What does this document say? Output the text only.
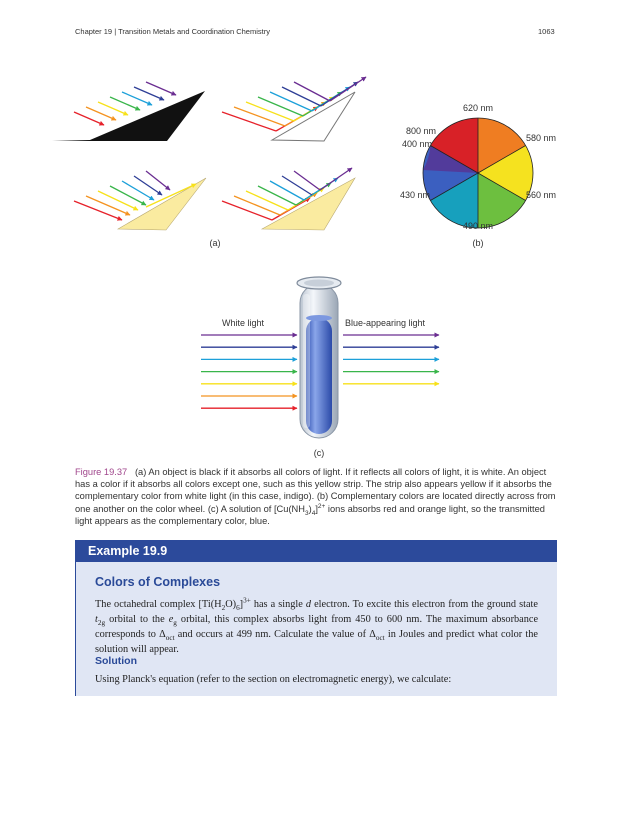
Chapter 19 | Transition Metals and Coordination Chemistry	1063
(a)
620 nm
580 nm
560 nm
490 nm
430 nm
400 nm
800 nm
(b)
White light	Blue-appearing light
(c)
Figure 19.37 (a) An object is black if it absorbs all colors of light. If it reflects all colors of light, it is white. An object has a color if it absorbs all colors except one, such as this yellow strip. The strip also appears yellow if it absorbs the complementary color from white light (in this case, indigo). (b) Complementary colors are located directly across from one another on the color wheel. (c) A solution of $[Cu(NH_3)_4]^{2+}$ ions absorbs red and orange light, so the transmitted light appears as the complementary color, blue.
Example 19.9
Colors of Complexes
The octahedral complex $[Ti(H_2O)_6]^{3+}$ has a single d electron. To excite this electron from the ground state $t_{2g}$ orbital to the $e_g$ orbital, this complex absorbs light from 450 to 600 nm. The maximum absorbance corresponds to $\Delta_{oct}$ and occurs at 499 nm. Calculate the value of $\Delta_{oct}$ in Joules and predict what color the solution will appear.
Solution
Using Planck's equation (refer to the section on electromagnetic energy), we calculate:
